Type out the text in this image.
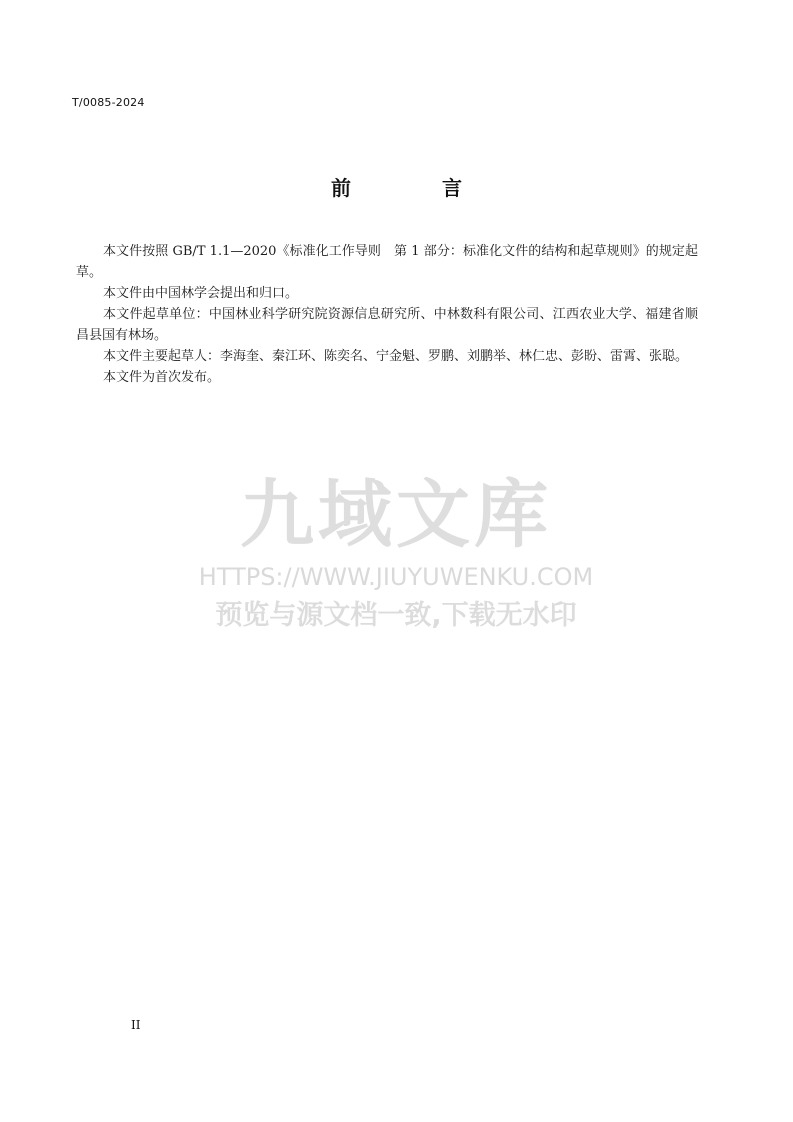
T/0085-2024
前 言

本文件按照 GB/T 1.1—2020《标准化工作导则　第 1 部分：标准化文件的结构和起草规则》的规定起草。

本文件由中国林学会提出和归口。

本文件起草单位：中国林业科学研究院资源信息研究所、中林数科有限公司、江西农业大学、福建省顺昌县国有林场。

本文件主要起草人：李海奎、秦江环、陈奕名、宁金魁、罗鹏、刘鹏举、林仁忠、彭盼、雷霄、张聪。

本文件为首次发布。

九域文库
HTTPS://WWW.JIUYUWENKU.COM
预览与源文档一致,下载无水印
II
